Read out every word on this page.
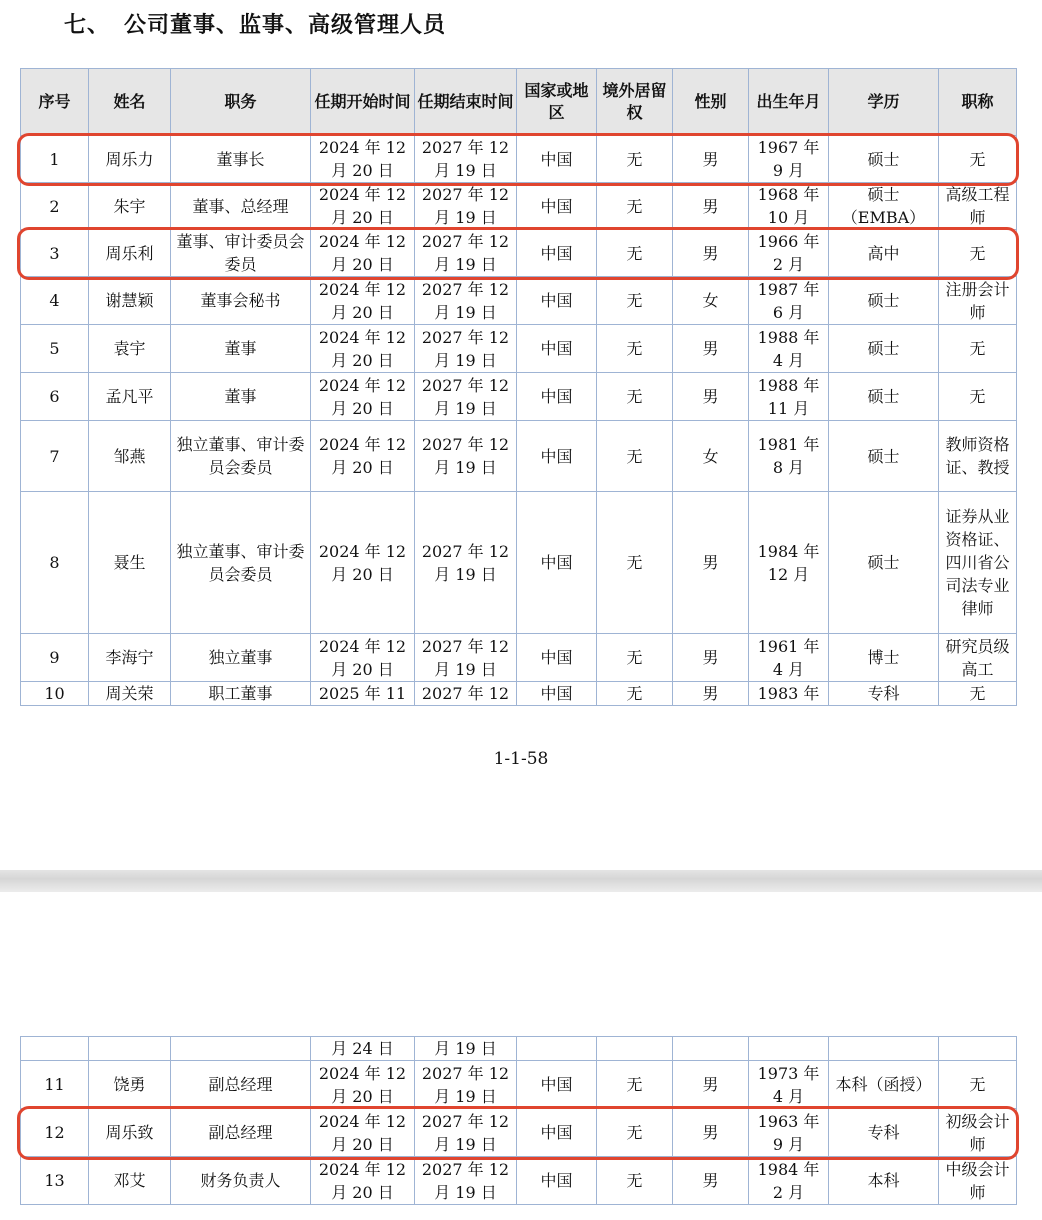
七、 公司董事、监事、高级管理人员
序号	姓名	职务	任期开始时间	任期结束时间	国家或地区	境外居留权	性别	出生年月	学历	职称
1	周乐力	董事长	2024 年 12 月 20 日	2027 年 12 月 19 日	中国	无	男	1967 年 9 月	硕士	无
2	朱宇	董事、总经理	2024 年 12 月 20 日	2027 年 12 月 19 日	中国	无	男	1968 年 10 月	硕士（EMBA）	高级工程师
3	周乐利	董事、审计委员会委员	2024 年 12 月 20 日	2027 年 12 月 19 日	中国	无	男	1966 年 2 月	高中	无
4	谢慧颖	董事会秘书	2024 年 12 月 20 日	2027 年 12 月 19 日	中国	无	女	1987 年 6 月	硕士	注册会计师
5	袁宇	董事	2024 年 12 月 20 日	2027 年 12 月 19 日	中国	无	男	1988 年 4 月	硕士	无
6	孟凡平	董事	2024 年 12 月 20 日	2027 年 12 月 19 日	中国	无	男	1988 年 11 月	硕士	无
7	邹燕	独立董事、审计委员会委员	2024 年 12 月 20 日	2027 年 12 月 19 日	中国	无	女	1981 年 8 月	硕士	教师资格证、教授
8	聂生	独立董事、审计委员会委员	2024 年 12 月 20 日	2027 年 12 月 19 日	中国	无	男	1984 年 12 月	硕士	证券从业资格证、四川省公司法专业律师
9	李海宁	独立董事	2024 年 12 月 20 日	2027 年 12 月 19 日	中国	无	男	1961 年 4 月	博士	研究员级高工
10	周关荣	职工董事	2025 年 11	2027 年 12	中国	无	男	1983 年	专科	无
1-1-58
			月 24 日	月 19 日						
11	饶勇	副总经理	2024 年 12 月 20 日	2027 年 12 月 19 日	中国	无	男	1973 年 4 月	本科（函授）	无
12	周乐致	副总经理	2024 年 12 月 20 日	2027 年 12 月 19 日	中国	无	男	1963 年 9 月	专科	初级会计师
13	邓艾	财务负责人	2024 年 12 月 20 日	2027 年 12 月 19 日	中国	无	男	1984 年 2 月	本科	中级会计师
